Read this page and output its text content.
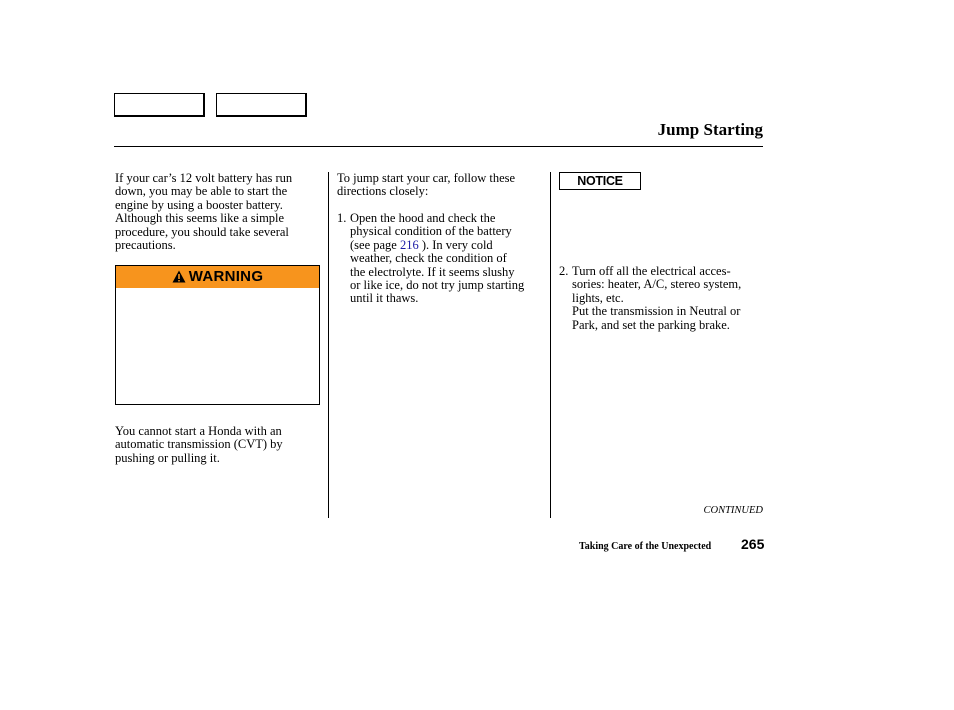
Jump Starting
If your car’s 12 volt battery has run
down, you may be able to start the
engine by using a booster battery.
Although this seems like a simple
procedure, you should take several
precautions.
WARNING
You cannot start a Honda with an
automatic transmission (CVT) by
pushing or pulling it.
To jump start your car, follow these
directions closely:
1. Open the hood and check the
physical condition of the battery
(see page 216 ). In very cold
weather, check the condition of
the electrolyte. If it seems slushy
or like ice, do not try jump starting
until it thaws.
NOTICE
2. Turn off all the electrical acces-
sories: heater, A/C, stereo system,
lights, etc.
Put the transmission in Neutral or
Park, and set the parking brake.
CONTINUED
Taking Care of the Unexpected 265
